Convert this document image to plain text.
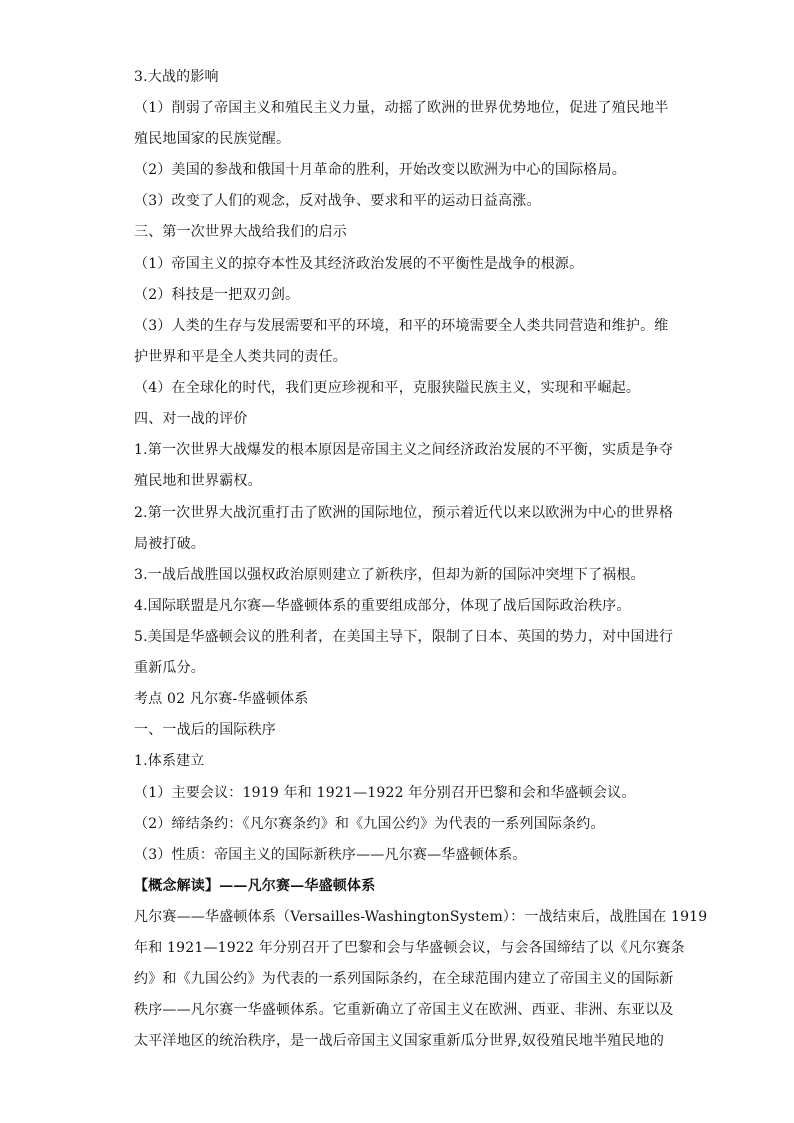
3.大战的影响
（1）削弱了帝国主义和殖民主义力量，动摇了欧洲的世界优势地位，促进了殖民地半
殖民地国家的民族觉醒。
（2）美国的参战和俄国十月革命的胜利，开始改变以欧洲为中心的国际格局。
（3）改变了人们的观念，反对战争、要求和平的运动日益高涨。
三、第一次世界大战给我们的启示
（1）帝国主义的掠夺本性及其经济政治发展的不平衡性是战争的根源。
（2）科技是一把双刃剑。
（3）人类的生存与发展需要和平的环境，和平的环境需要全人类共同营造和维护。维
护世界和平是全人类共同的责任。
（4）在全球化的时代，我们更应珍视和平，克服狭隘民族主义，实现和平崛起。
四、对一战的评价
1.第一次世界大战爆发的根本原因是帝国主义之间经济政治发展的不平衡，实质是争夺
殖民地和世界霸权。
2.第一次世界大战沉重打击了欧洲的国际地位，预示着近代以来以欧洲为中心的世界格
局被打破。
3.一战后战胜国以强权政治原则建立了新秩序，但却为新的国际冲突埋下了祸根。
4.国际联盟是凡尔赛—华盛顿体系的重要组成部分，体现了战后国际政治秩序。
5.美国是华盛顿会议的胜利者，在美国主导下，限制了日本、英国的势力，对中国进行
重新瓜分。
考点 02 凡尔赛-华盛顿体系
一、一战后的国际秩序
1.体系建立
（1）主要会议：1919 年和 1921—1922 年分别召开巴黎和会和华盛顿会议。
（2）缔结条约：《凡尔赛条约》和《九国公约》为代表的一系列国际条约。
（3）性质：帝国主义的国际新秩序——凡尔赛—华盛顿体系。
【概念解读】——凡尔赛—华盛顿体系
凡尔赛——华盛顿体系（Versailles-WashingtonSystem）：一战结束后，战胜国在 1919
年和 1921—1922 年分别召开了巴黎和会与华盛顿会议，与会各国缔结了以《凡尔赛条
约》和《九国公约》为代表的一系列国际条约，在全球范围内建立了帝国主义的国际新
秩序——凡尔赛一华盛顿体系。它重新确立了帝国主义在欧洲、西亚、非洲、东亚以及
太平洋地区的统治秩序，是一战后帝国主义国家重新瓜分世界,奴役殖民地半殖民地的
